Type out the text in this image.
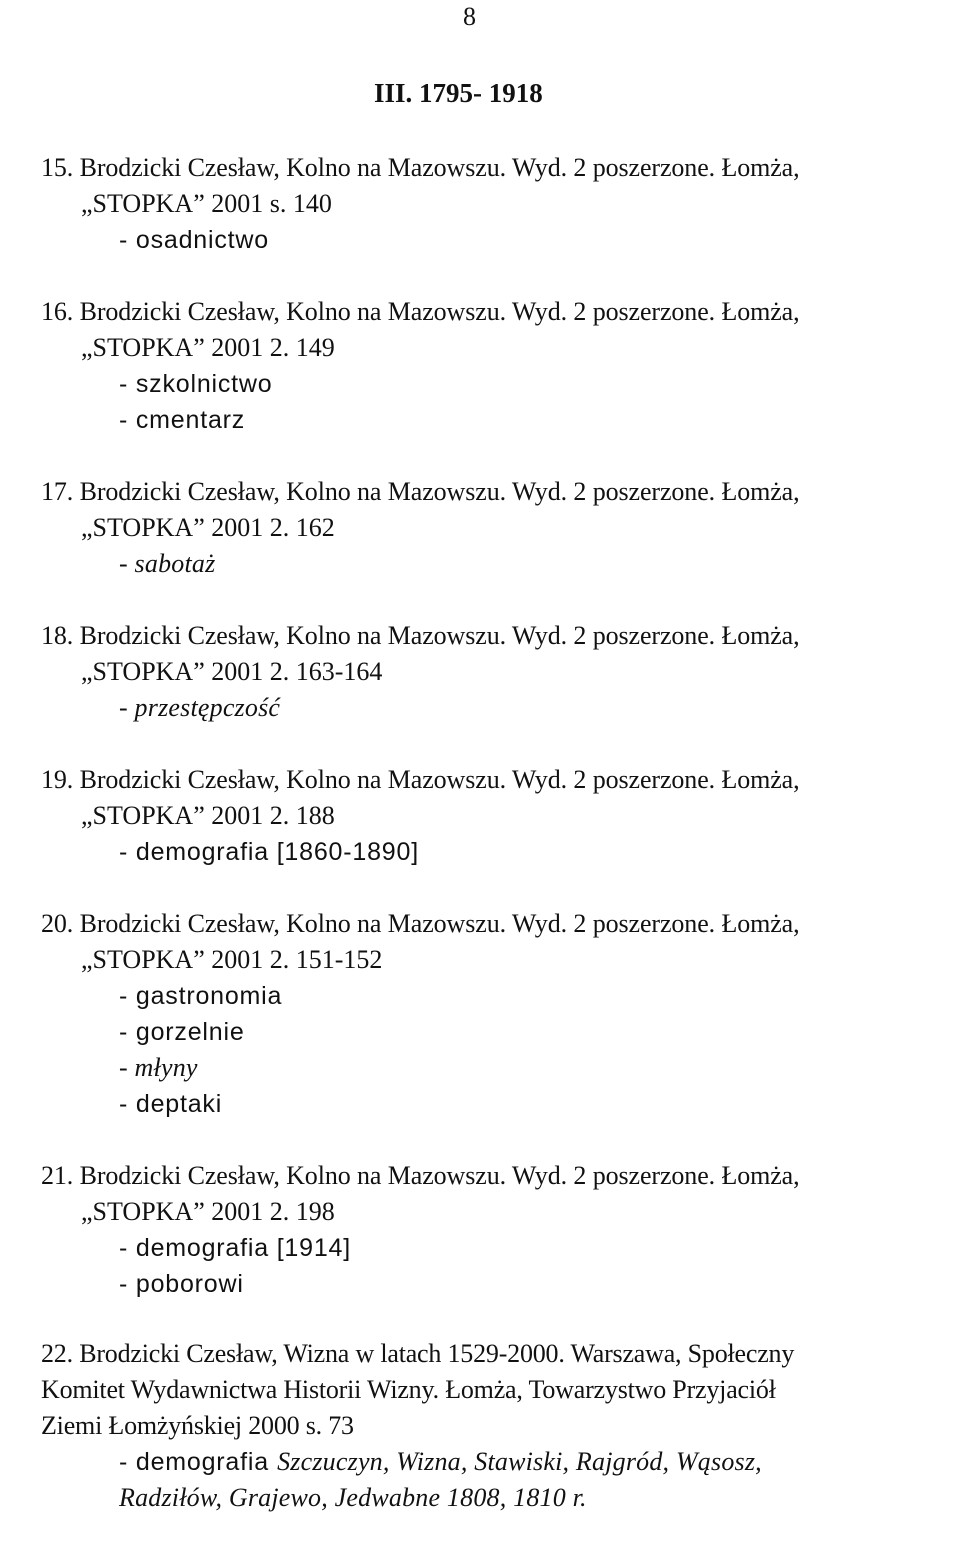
8
III. 1795- 1918
15. Brodzicki Czesław, Kolno na Mazowszu. Wyd. 2 poszerzone. Łomża,
„STOPKA” 2001 s. 140
- osadnictwo
16. Brodzicki Czesław, Kolno na Mazowszu. Wyd. 2 poszerzone. Łomża,
„STOPKA” 2001 2. 149
- szkolnictwo
- cmentarz
17. Brodzicki Czesław, Kolno na Mazowszu. Wyd. 2 poszerzone. Łomża,
„STOPKA” 2001 2. 162
- sabotaż
18. Brodzicki Czesław, Kolno na Mazowszu. Wyd. 2 poszerzone. Łomża,
„STOPKA” 2001 2. 163-164
- przestępczość
19. Brodzicki Czesław, Kolno na Mazowszu. Wyd. 2 poszerzone. Łomża,
„STOPKA” 2001 2. 188
- demografia [1860-1890]
20. Brodzicki Czesław, Kolno na Mazowszu. Wyd. 2 poszerzone. Łomża,
„STOPKA” 2001 2. 151-152
- gastronomia
- gorzelnie
- młyny
- deptaki
21. Brodzicki Czesław, Kolno na Mazowszu. Wyd. 2 poszerzone. Łomża,
„STOPKA” 2001 2. 198
- demografia [1914]
- poborowi
22. Brodzicki Czesław, Wizna w latach 1529-2000. Warszawa, Społeczny
Komitet Wydawnictwa Historii Wizny. Łomża, Towarzystwo Przyjaciół
Ziemi Łomżyńskiej 2000 s. 73
- demografia Szczuczyn, Wizna, Stawiski, Rajgród, Wąsosz,
Radziłów, Grajewo, Jedwabne 1808, 1810 r.
